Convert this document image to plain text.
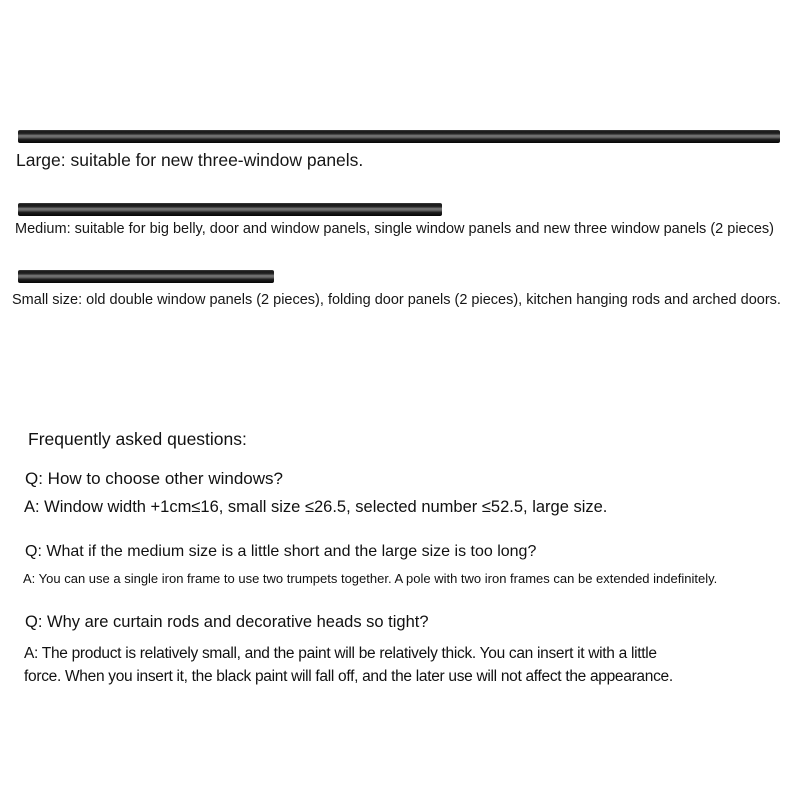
Large: suitable for new three-window panels.
Medium: suitable for big belly, door and window panels, single window panels and new three window panels (2 pieces)
Small size: old double window panels (2 pieces), folding door panels (2 pieces), kitchen hanging rods and arched doors.
Frequently asked questions:
Q: How to choose other windows?
A: Window width +1cm≤16, small size ≤26.5, selected number ≤52.5, large size.
Q: What if the medium size is a little short and the large size is too long?
A: You can use a single iron frame to use two trumpets together. A pole with two iron frames can be extended indefinitely.
Q: Why are curtain rods and decorative heads so tight?
A: The product is relatively small, and the paint will be relatively thick. You can insert it with a little
force. When you insert it, the black paint will fall off, and the later use will not affect the appearance.
